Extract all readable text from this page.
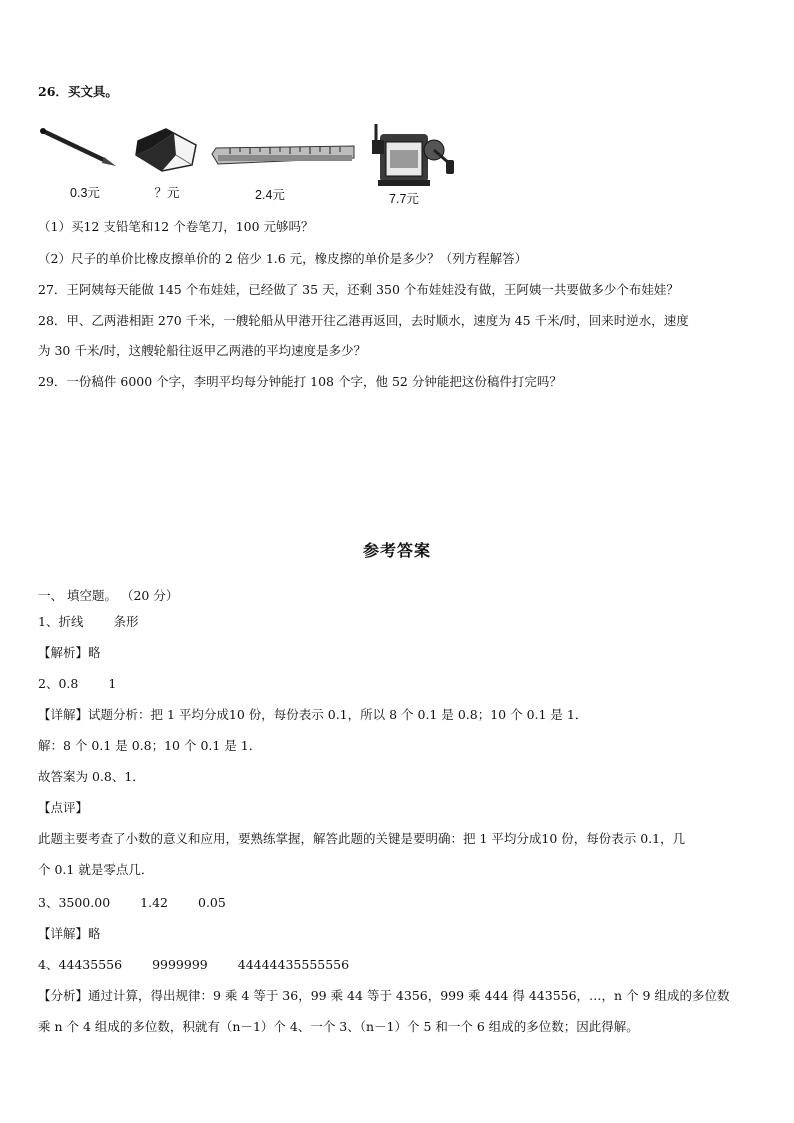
26．买文具。
0.3元	？元	2.4元	7.7元
（1）买12 支铅笔和12 个卷笔刀，100 元够吗？
（2）尺子的单价比橡皮擦单价的 2 倍少 1.6 元，橡皮擦的单价是多少？（列方程解答）
27．王阿姨每天能做 145 个布娃娃，已经做了 35 天，还剩 350 个布娃娃没有做，王阿姨一共要做多少个布娃娃？
28．甲、乙两港相距 270 千米，一艘轮船从甲港开往乙港再返回，去时顺水，速度为 45 千米/时，回来时逆水，速度
为 30 千米/时，这艘轮船往返甲乙两港的平均速度是多少？
29．一份稿件 6000 个字，李明平均每分钟能打 108 个字，他 52 分钟能把这份稿件打完吗？
参考答案
一、 填空题。 （20 分）
1、折线 条形
【解析】略
2、0.8 1
【详解】试题分析：把 1 平均分成10 份，每份表示 0.1，所以 8 个 0.1 是 0.8；10 个 0.1 是 1．
解：8 个 0.1 是 0.8；10 个 0.1 是 1．
故答案为 0.8、1．
【点评】
此题主要考查了小数的意义和应用，要熟练掌握，解答此题的关键是要明确：把 1 平均分成10 份，每份表示 0.1，几
个 0.1 就是零点几．
3、3500.00 1.42 0.05
【详解】略
4、44435556 9999999 44444435555556
【分析】通过计算，得出规律：9 乘 4 等于 36，99 乘 44 等于 4356，999 乘 444 得 443556，…，n 个 9 组成的多位数
乘 n 个 4 组成的多位数，积就有（n－1）个 4、一个 3、（n－1）个 5 和一个 6 组成的多位数；因此得解。
